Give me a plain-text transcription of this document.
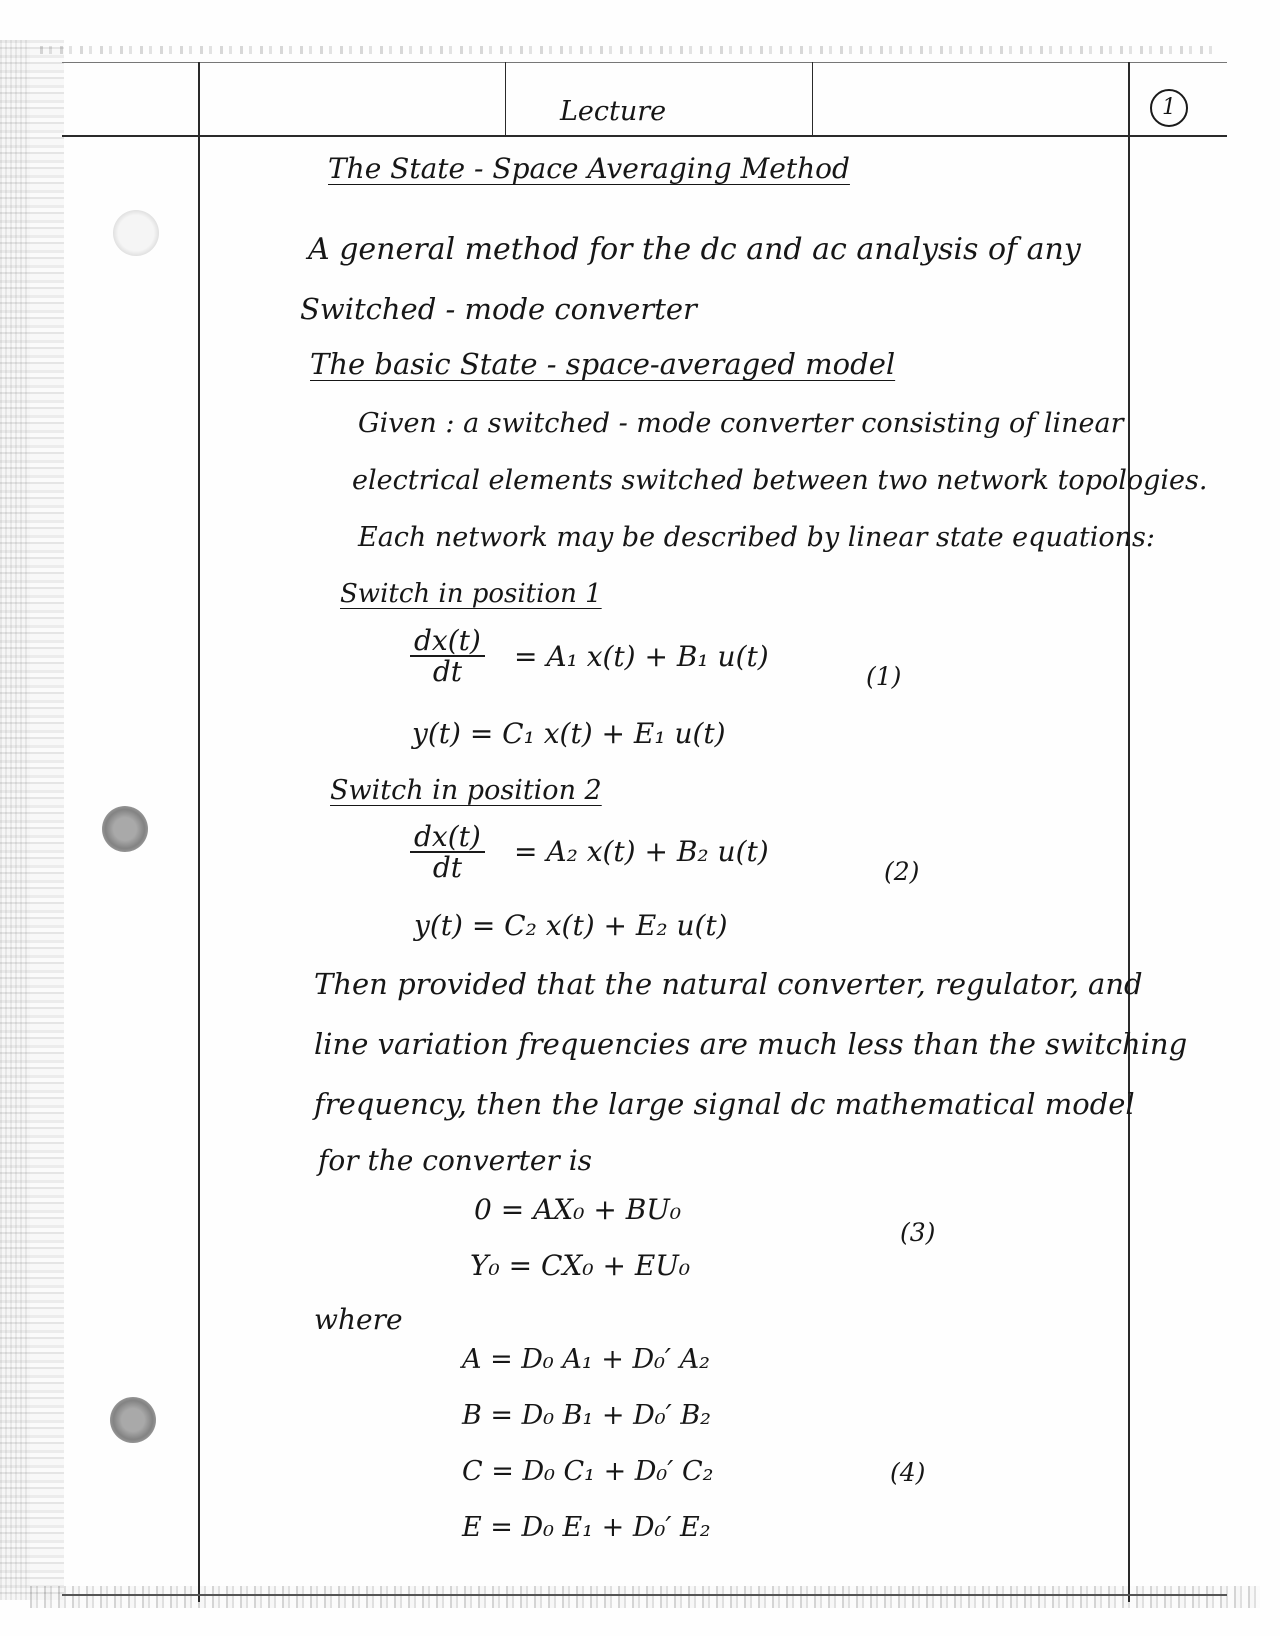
Lecture	1
The State - Space Averaging Method
A general method for the dc and ac analysis of any
Switched - mode converter
The basic State - space-averaged model
Given : a switched - mode converter consisting of linear
electrical elements switched between two network topologies.
Each network may be described by linear state equations:
Switch in position 1
$\frac{dx(t)}{dt} = A_1$ x(t) + B₁ u(t)
(1)
y(t) = C₁ x(t) + E₁ u(t)
Switch in position 2
$\frac{dx(t)}{dt} = A_2$ x(t) + B₂ u(t)
(2)
y(t) = C₂ x(t) + E₂ u(t)
Then provided that the natural converter, regulator, and
line variation frequencies are much less than the switching
frequency, then the large signal dc mathematical model
for the converter is
0 = AX₀ + BU₀
(3)
Y₀ = CX₀ + EU₀
where
A = D₀ A₁ + D₀′ A₂
B = D₀ B₁ + D₀′ B₂
C = D₀ C₁ + D₀′ C₂	(4)
E = D₀ E₁ + D₀′ E₂
